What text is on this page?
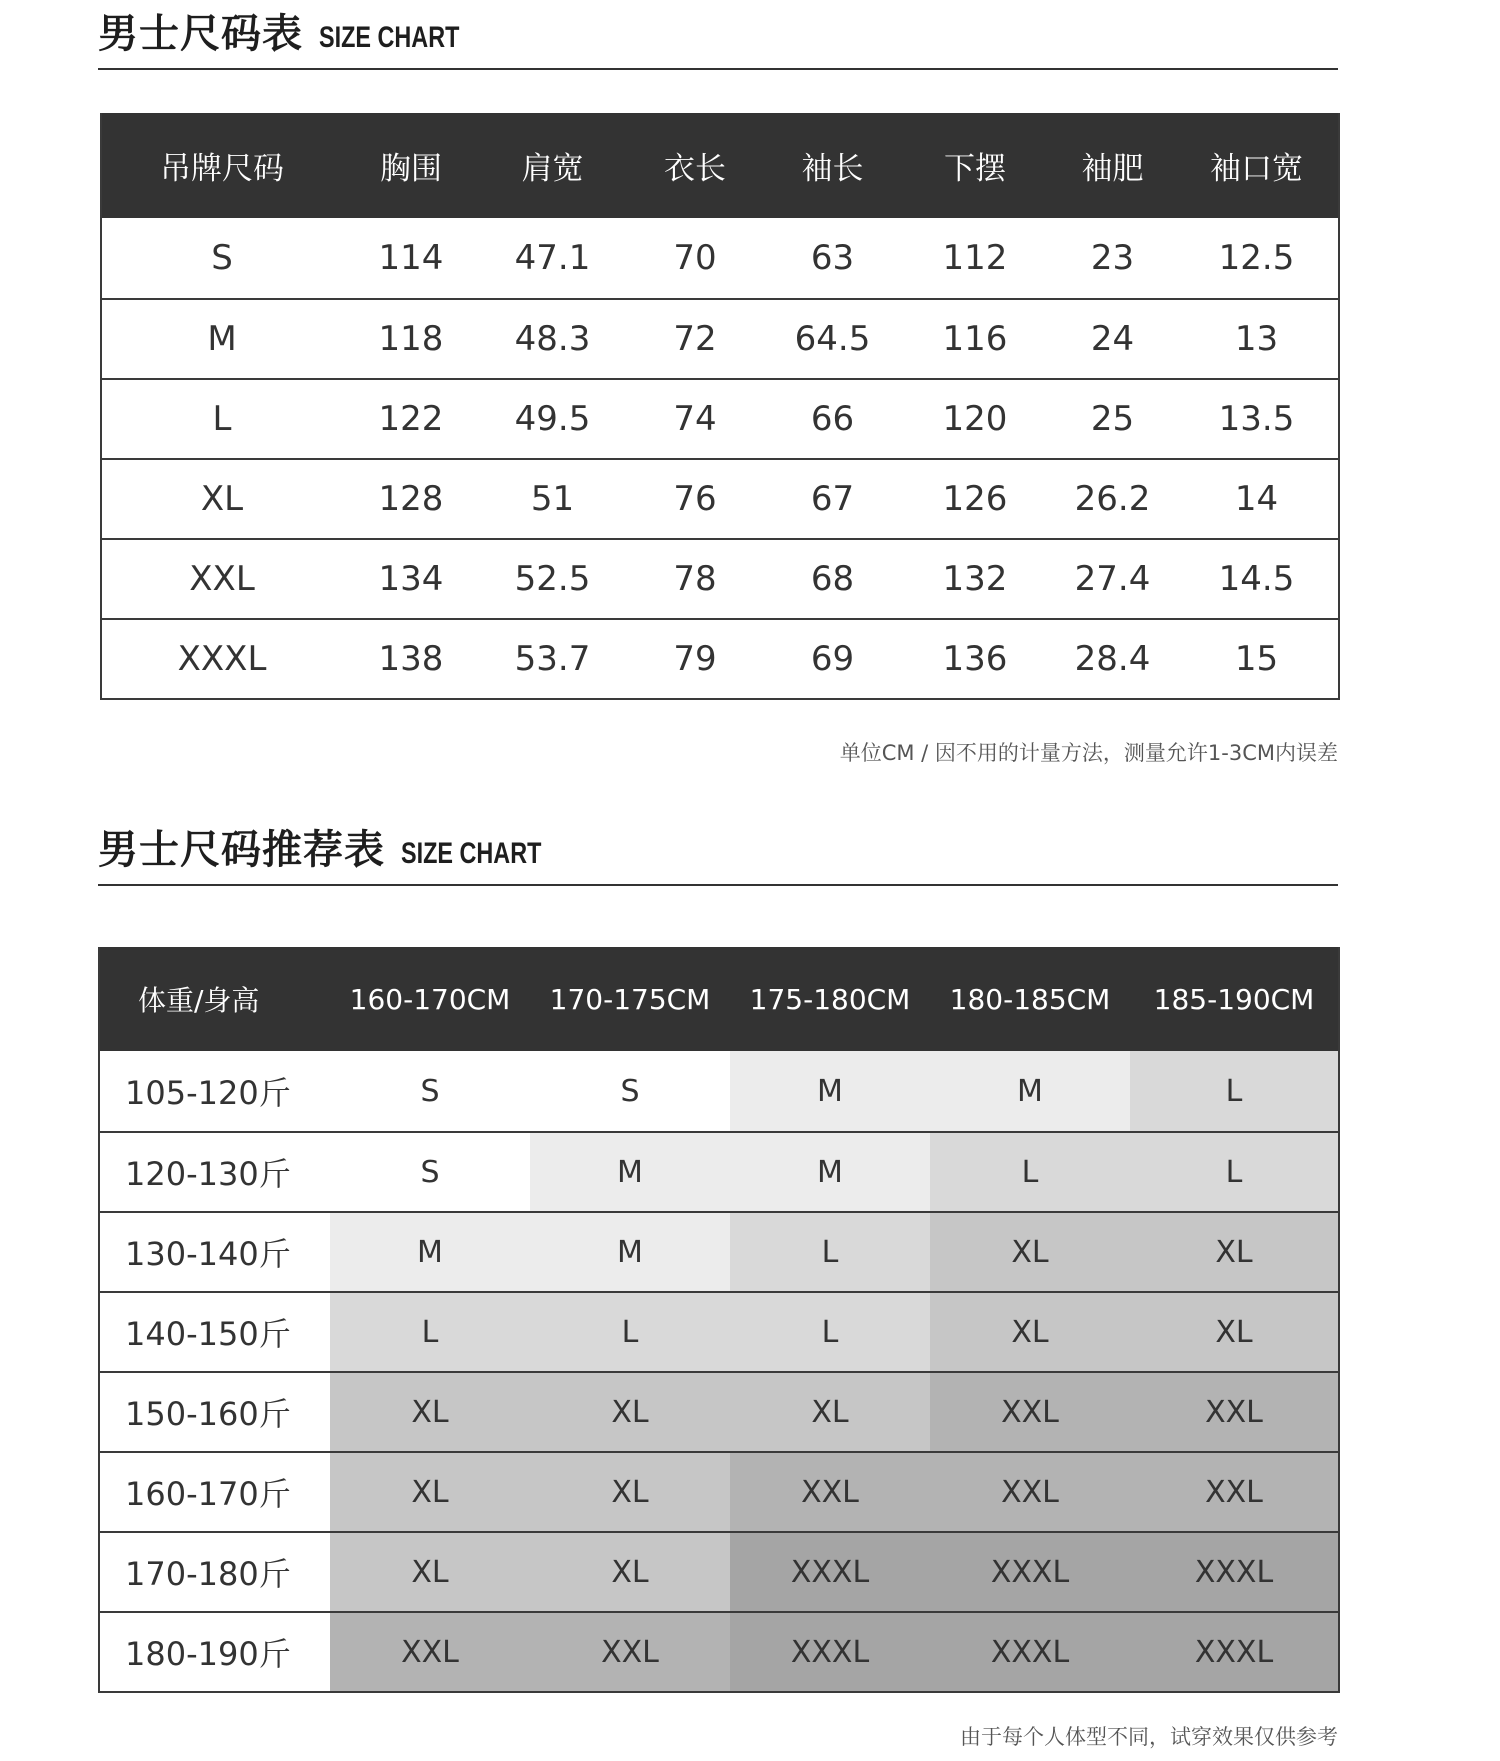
男士尺码表 SIZE CHART
吊牌尺码	胸围	肩宽	衣长	袖长	下摆	袖肥	袖口宽
S	114	47.1	70	63	112	23	12.5
M	118	48.3	72	64.5	116	24	13
L	122	49.5	74	66	120	25	13.5
XL	128	51	76	67	126	26.2	14
XXL	134	52.5	78	68	132	27.4	14.5
XXXL	138	53.7	79	69	136	28.4	15
单位CM / 因不用的计量方法，测量允许1-3CM内误差
男士尺码推荐表 SIZE CHART
体重/身高	160-170CM	170-175CM	175-180CM	180-185CM	185-190CM
105-120斤	S	S	M	M	L
120-130斤	S	M	M	L	L
130-140斤	M	M	L	XL	XL
140-150斤	L	L	L	XL	XL
150-160斤	XL	XL	XL	XXL	XXL
160-170斤	XL	XL	XXL	XXL	XXL
170-180斤	XL	XL	XXXL	XXXL	XXXL
180-190斤	XXL	XXL	XXXL	XXXL	XXXL
由于每个人体型不同，试穿效果仅供参考
